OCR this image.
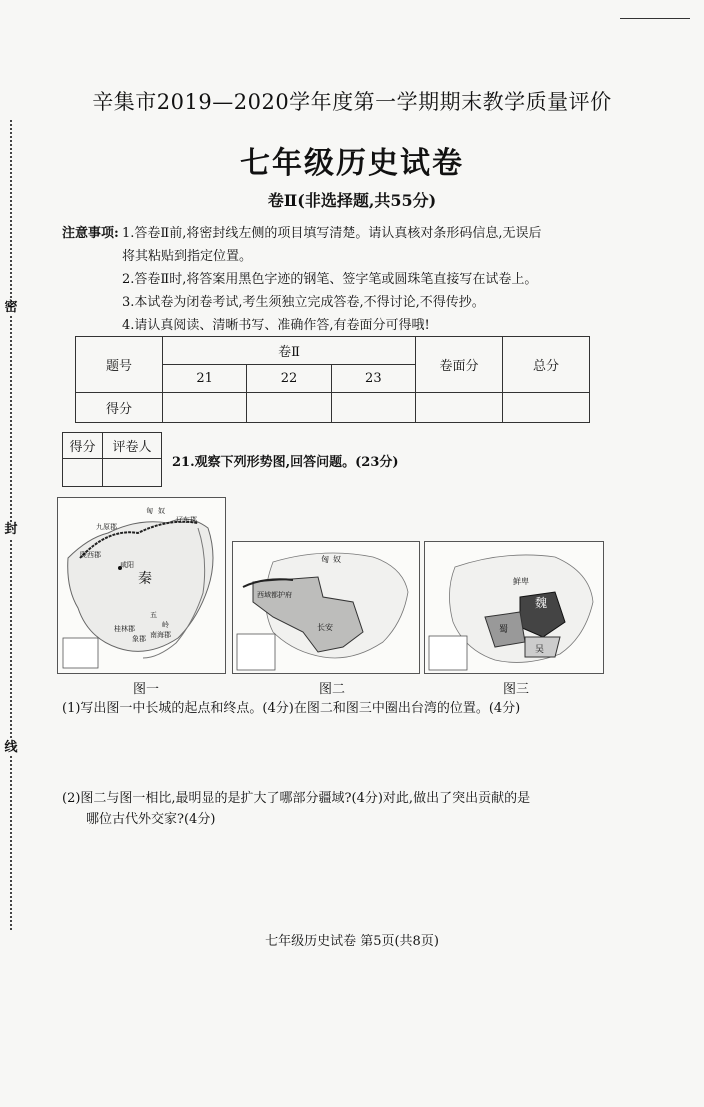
密
封
线
辛集市2019—2020学年度第一学期期末教学质量评价
七年级历史试卷
卷Ⅱ(非选择题,共55分)
注意事项: 1.答卷Ⅱ前,将密封线左侧的项目填写清楚。请认真核对条形码信息,无误后
将其粘贴到指定位置。
2.答卷Ⅱ时,将答案用黑色字迹的钢笔、签字笔或圆珠笔直接写在试卷上。
3.本试卷为闭卷考试,考生须独立完成答卷,不得讨论,不得传抄。
4.请认真阅读、清晰书写、准确作答,有卷面分可得哦!
题号	卷Ⅱ			卷面分	总分
	21	22	23		
得分					
得分	评卷人

21.观察下列形势图,回答问题。(23分)
匈 奴
九原郡
辽东郡
陇西郡
咸阳
秦
五
岭
南海郡
桂林郡
象郡
图一
匈 奴
西域都护府
长安
图二
鲜卑
魏
蜀
吴
图三
(1)写出图一中长城的起点和终点。(4分)在图二和图三中圈出台湾的位置。(4分)
(2)图二与图一相比,最明显的是扩大了哪部分疆域?(4分)对此,做出了突出贡献的是
哪位古代外交家?(4分)
七年级历史试卷 第5页(共8页)
